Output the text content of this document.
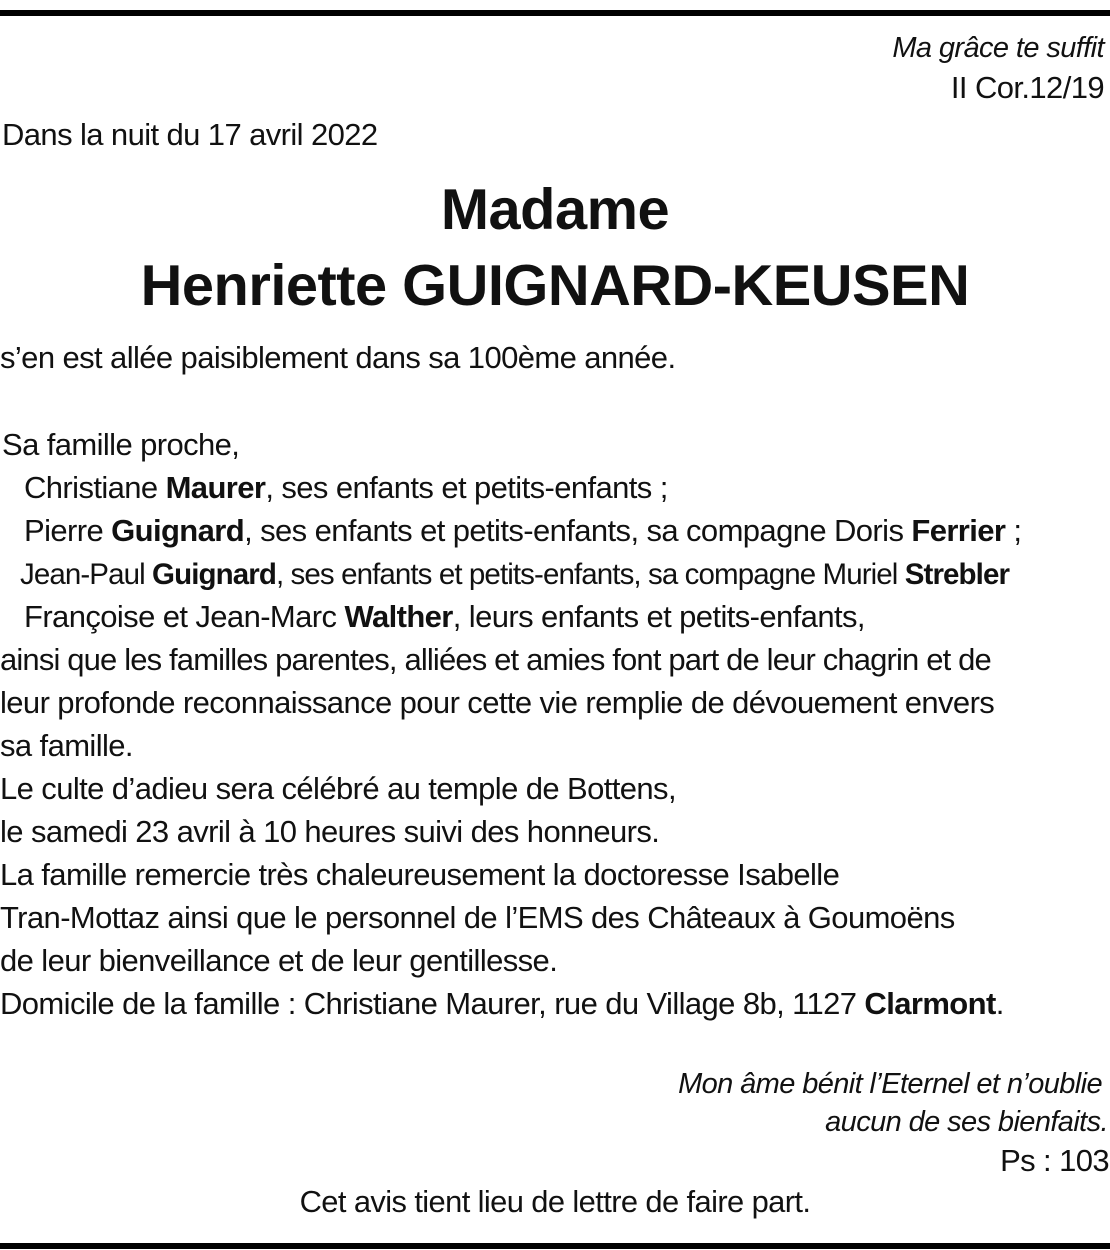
Ma grâce te suffit
II Cor.12/19
Dans la nuit du 17 avril 2022
Madame
Henriette GUIGNARD-KEUSEN
s’en est allée paisiblement dans sa 100ème année.
Sa famille proche,
Christiane Maurer, ses enfants et petits-enfants ;
Pierre Guignard, ses enfants et petits-enfants, sa compagne Doris Ferrier ;
Jean-Paul Guignard, ses enfants et petits-enfants, sa compagne Muriel Strebler
Françoise et Jean-Marc Walther, leurs enfants et petits-enfants,
ainsi que les familles parentes, alliées et amies font part de leur chagrin et de
leur profonde reconnaissance pour cette vie remplie de dévouement envers
sa famille.
Le culte d’adieu sera célébré au temple de Bottens,
le samedi 23 avril à 10 heures suivi des honneurs.
La famille remercie très chaleureusement la doctoresse Isabelle
Tran-Mottaz ainsi que le personnel de l’EMS des Châteaux à Goumoëns
de leur bienveillance et de leur gentillesse.
Domicile de la famille : Christiane Maurer, rue du Village 8b, 1127 Clarmont.
Mon âme bénit l’Eternel et n’oublie
aucun de ses bienfaits.
Ps : 103
Cet avis tient lieu de lettre de faire part.
